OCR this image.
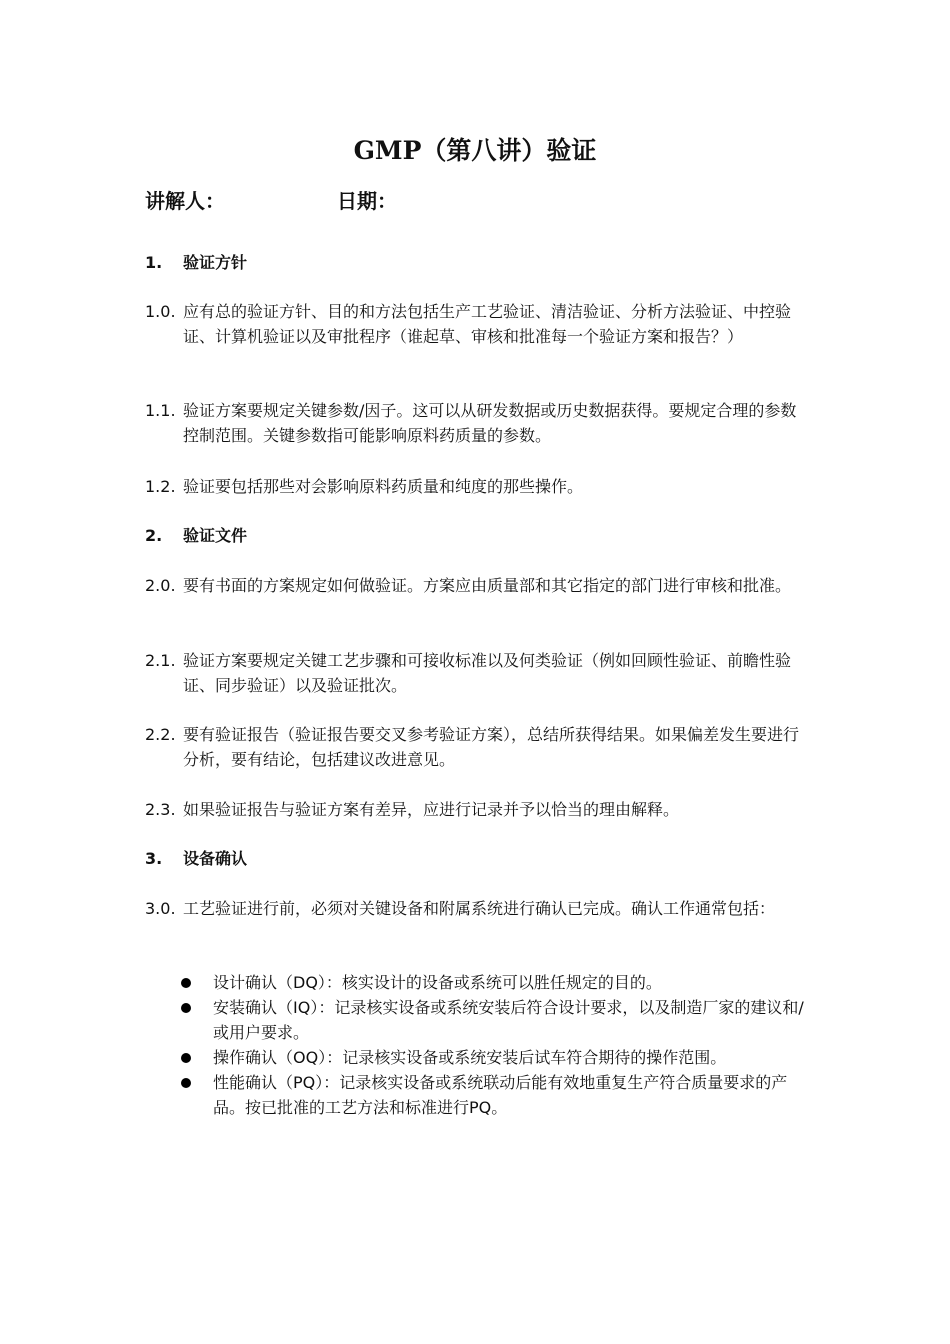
GMP（第八讲）验证
讲解人：	日期：
1.	验证方针
1.0. 应有总的验证方针、目的和方法包括生产工艺验证、清洁验证、分析方法验证、中控验证、计算机验证以及审批程序（谁起草、审核和批准每一个验证方案和报告？）
1.1. 验证方案要规定关键参数/因子。这可以从研发数据或历史数据获得。要规定合理的参数控制范围。关键参数指可能影响原料药质量的参数。
1.2. 验证要包括那些对会影响原料药质量和纯度的那些操作。
2.	验证文件
2.0. 要有书面的方案规定如何做验证。方案应由质量部和其它指定的部门进行审核和批准。
2.1. 验证方案要规定关键工艺步骤和可接收标准以及何类验证（例如回顾性验证、前瞻性验证、同步验证）以及验证批次。
2.2. 要有验证报告（验证报告要交叉参考验证方案），总结所获得结果。如果偏差发生要进行分析，要有结论，包括建议改进意见。
2.3. 如果验证报告与验证方案有差异，应进行记录并予以恰当的理由解释。
3.	设备确认
3.0. 工艺验证进行前，必须对关键设备和附属系统进行确认已完成。确认工作通常包括：
设计确认（DQ）：核实设计的设备或系统可以胜任规定的目的。
安装确认（IQ）：记录核实设备或系统安装后符合设计要求，以及制造厂家的建议和/或用户要求。
操作确认（OQ）：记录核实设备或系统安装后试车符合期待的操作范围。
性能确认（PQ）：记录核实设备或系统联动后能有效地重复生产符合质量要求的产品。按已批准的工艺方法和标准进行PQ。
